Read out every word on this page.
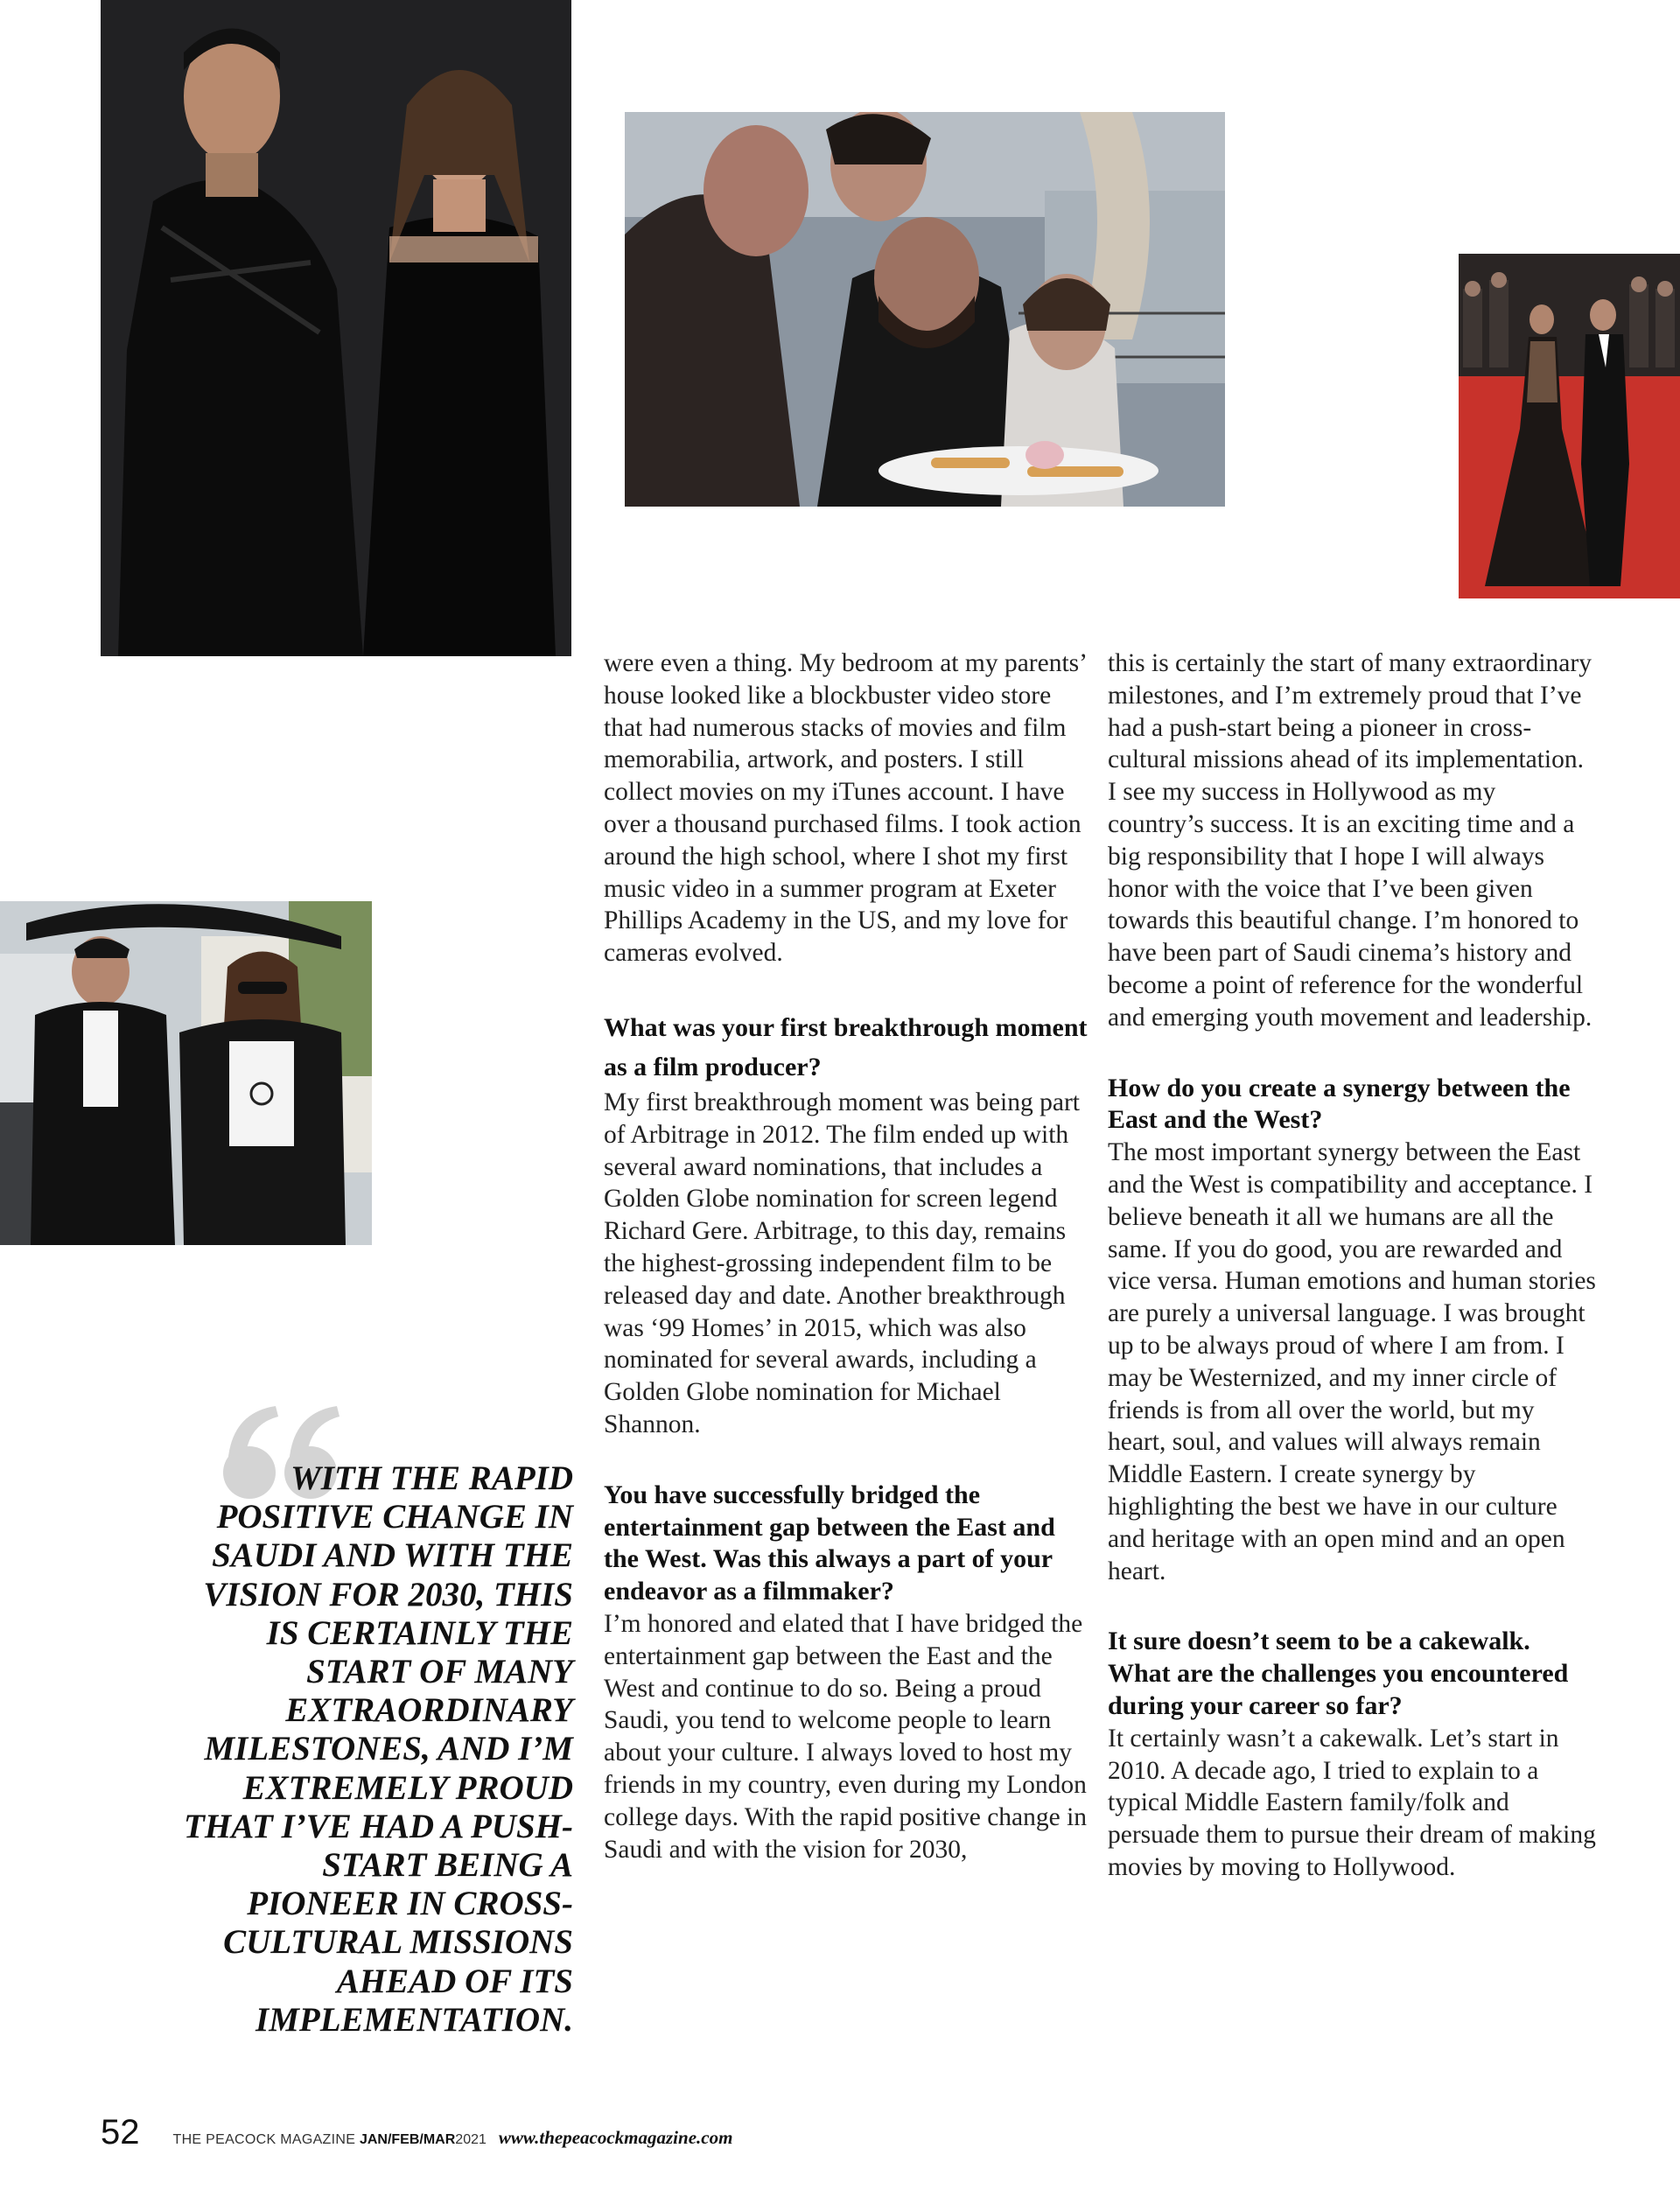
were even a thing. My bedroom at my parents’ house looked like a blockbuster video store that had numerous stacks of movies and film memorabilia, artwork, and posters. I still collect movies on my iTunes account. I have over a thousand purchased films. I took action around the high school, where I shot my first music video in a summer program at Exeter Phillips Academy in the US, and my love for cameras evolved.

What was your first breakthrough moment as a film producer?

My first breakthrough moment was being part of Arbitrage in 2012. The film ended up with several award nominations, that includes a Golden Globe nomination for screen legend Richard Gere. Arbitrage, to this day, remains the highest-grossing independent film to be released day and date. Another breakthrough was ‘99 Homes’ in 2015, which was also nominated for several awards, including a Golden Globe nomination for Michael Shannon.

You have successfully bridged the entertainment gap between the East and the West. Was this always a part of your endeavor as a filmmaker?

I’m honored and elated that I have bridged the entertainment gap between the East and the West and continue to do so. Being a proud Saudi, you tend to welcome people to learn about your culture. I always loved to host my friends in my country, even during my London college days. With the rapid positive change in Saudi and with the vision for 2030,

this is certainly the start of many extraordinary milestones, and I’m extremely proud that I’ve had a push-start being a pioneer in cross-cultural missions ahead of its implementation. I see my success in Hollywood as my country’s success. It is an exciting time and a big responsibility that I hope I will always honor with the voice that I’ve been given towards this beautiful change. I’m honored to have been part of Saudi cinema’s history and become a point of reference for the wonderful and emerging youth movement and leadership.

How do you create a synergy between the East and the West?

The most important synergy between the East and the West is compatibility and acceptance. I believe beneath it all we humans are all the same. If you do good, you are rewarded and vice versa. Human emotions and human stories are purely a universal language. I was brought up to be always proud of where I am from. I may be Westernized, and my inner circle of friends is from all over the world, but my heart, soul, and values will always remain Middle Eastern. I create synergy by highlighting the best we have in our culture and heritage with an open mind and an open heart.

It sure doesn’t seem to be a cakewalk. What are the challenges you encountered during your career so far?

It certainly wasn’t a cakewalk. Let’s start in 2010. A decade ago, I tried to explain to a typical Middle Eastern family/folk and persuade them to pursue their dream of making movies by moving to Hollywood.

WITH THE RAPID POSITIVE CHANGE IN SAUDI AND WITH THE VISION FOR 2030, THIS IS CERTAINLY THE START OF MANY EXTRAORDINARY MILESTONES, AND I’M EXTREMELY PROUD THAT I’VE HAD A PUSH-START BEING A PIONEER IN CROSS-CULTURAL MISSIONS AHEAD OF ITS IMPLEMENTATION.

52 THE PEACOCK MAGAZINE JAN/FEB/MAR 2021 www.thepeacockmagazine.com
